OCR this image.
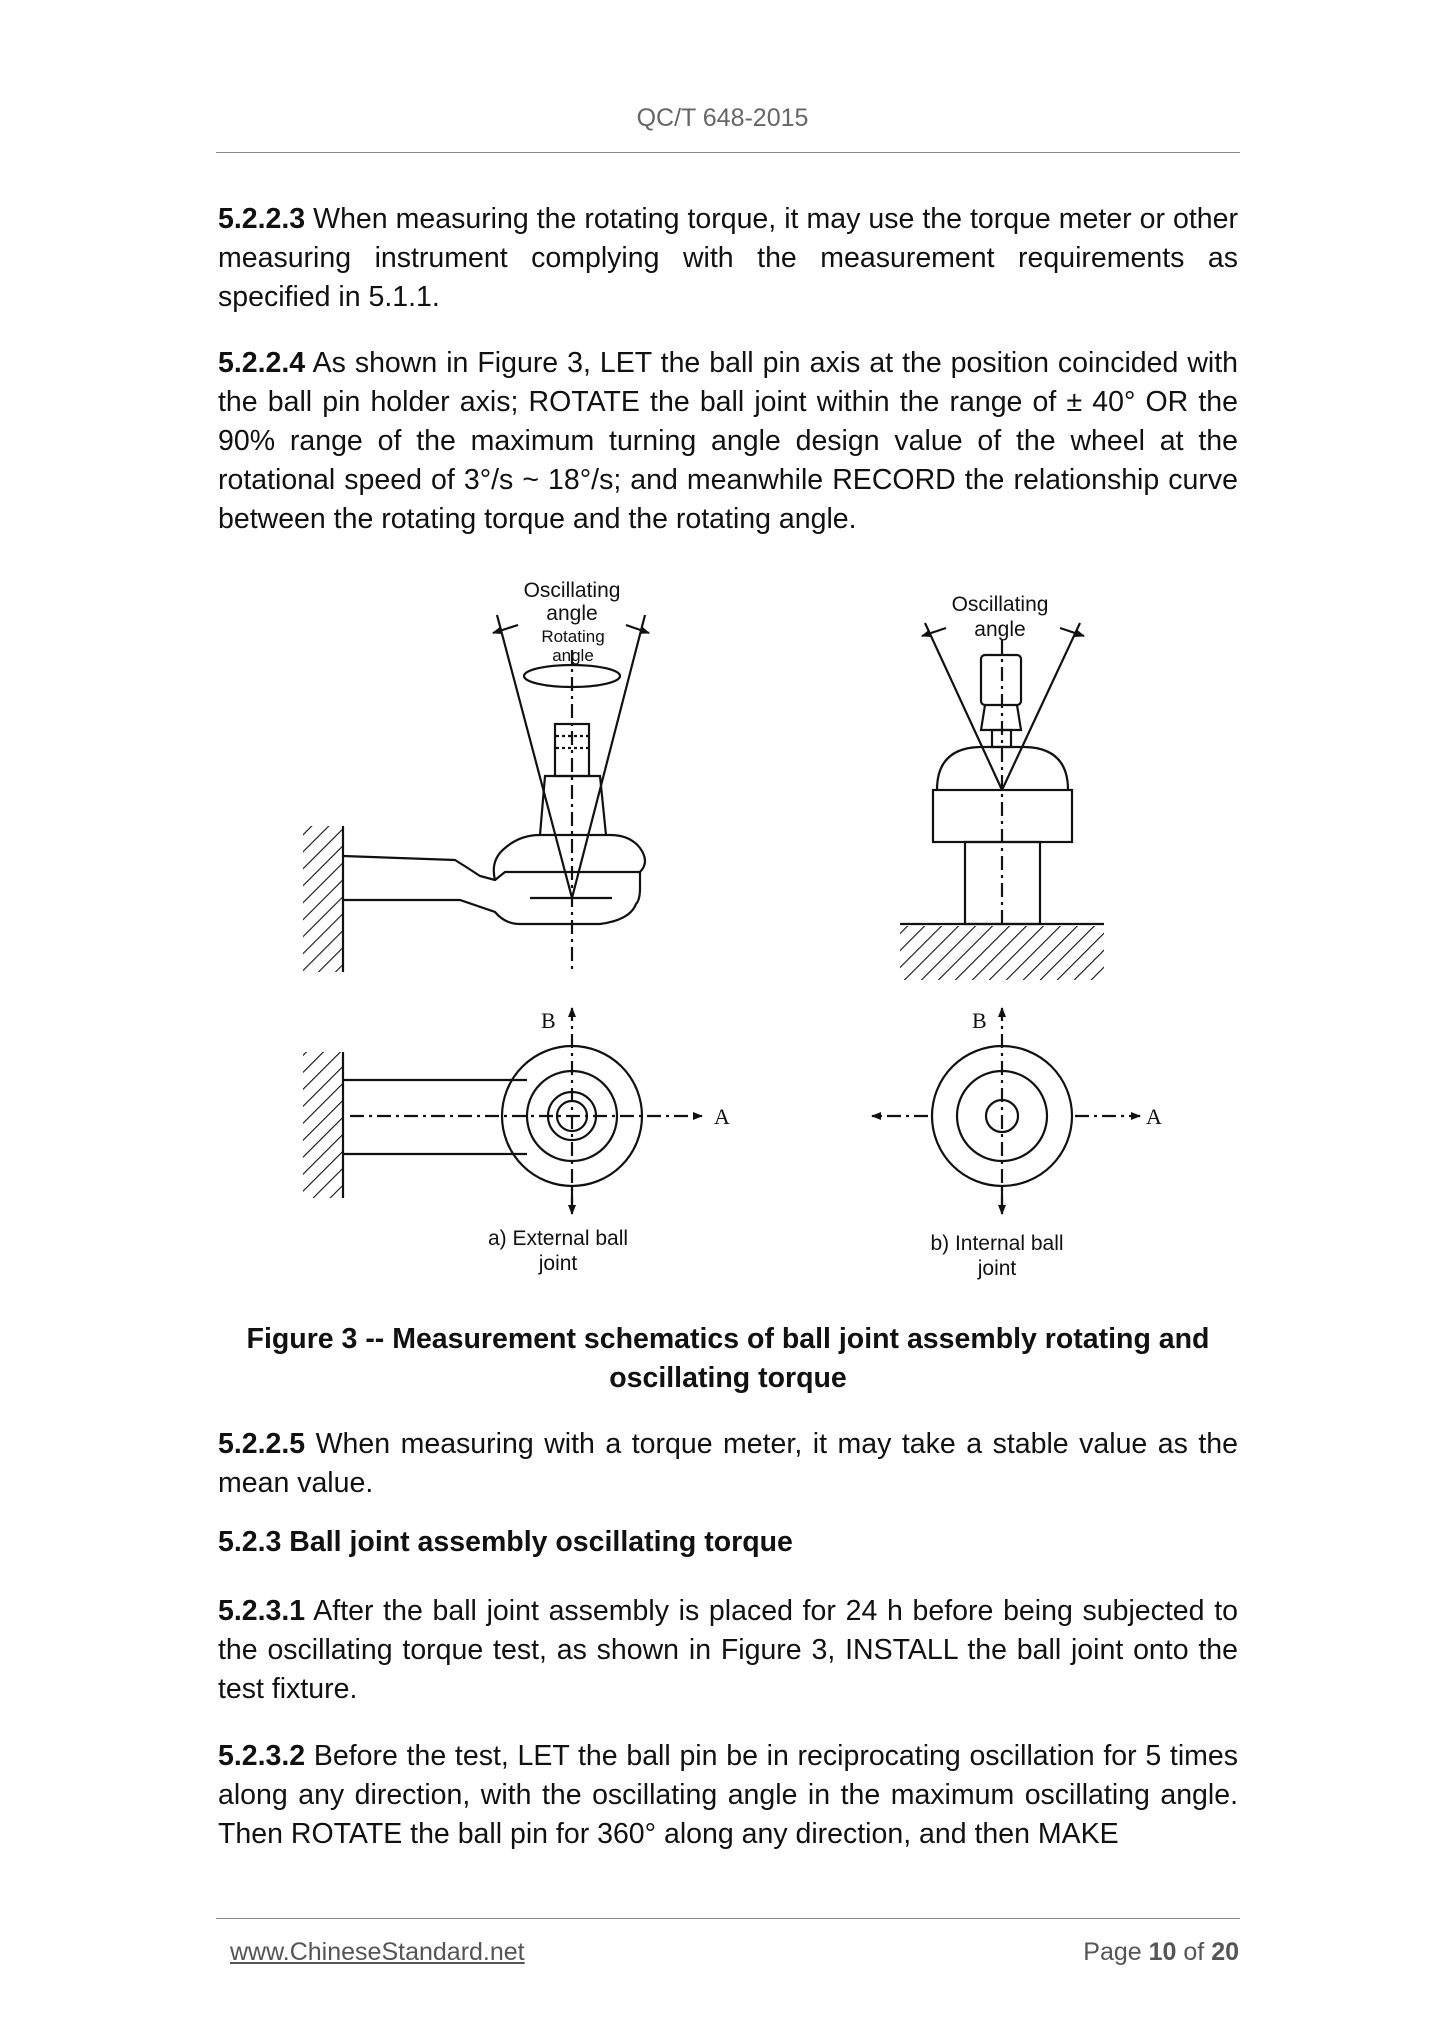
QC/T 648-2015
5.2.2.3 When measuring the rotating torque, it may use the torque meter or other measuring instrument complying with the measurement requirements as specified in 5.1.1.
5.2.2.4 As shown in Figure 3, LET the ball pin axis at the position coincided with the ball pin holder axis; ROTATE the ball joint within the range of ± 40° OR the 90% range of the maximum turning angle design value of the wheel at the rotational speed of 3°/s ~ 18°/s; and meanwhile RECORD the relationship curve between the rotating torque and the rotating angle.
Oscillating
angle
Rotating
angle
Oscillating
angle
B
A
B
A
a) External ball
joint
b) Internal ball
joint
Figure 3 -- Measurement schematics of ball joint assembly rotating and
oscillating torque
5.2.2.5 When measuring with a torque meter, it may take a stable value as the mean value.
5.2.3 Ball joint assembly oscillating torque
5.2.3.1 After the ball joint assembly is placed for 24 h before being subjected to the oscillating torque test, as shown in Figure 3, INSTALL the ball joint onto the test fixture.
5.2.3.2 Before the test, LET the ball pin be in reciprocating oscillation for 5 times along any direction, with the oscillating angle in the maximum oscillating angle. Then ROTATE the ball pin for 360° along any direction, and then MAKE
www.ChineseStandard.net	Page 10 of 20
